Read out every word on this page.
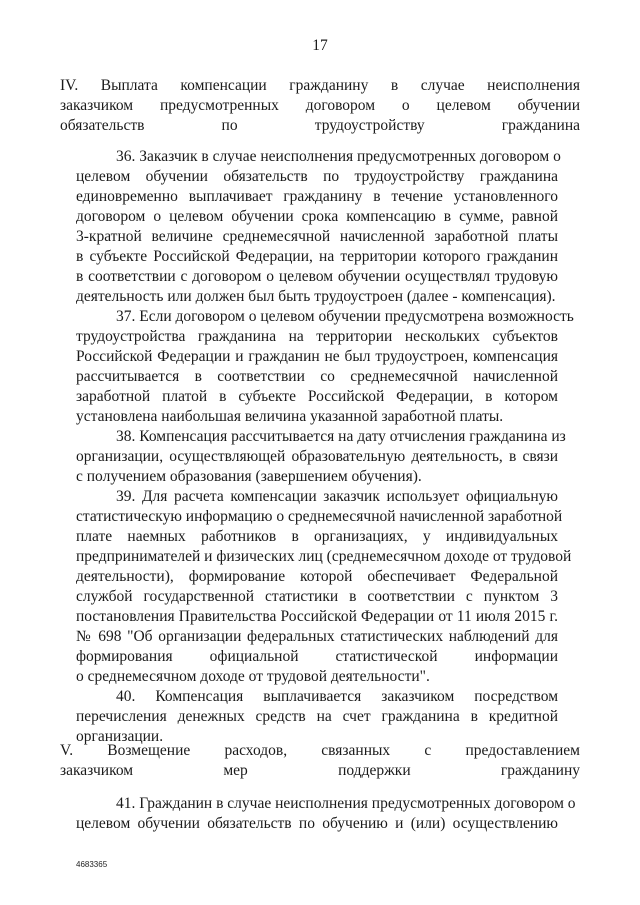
17
IV. Выплата компенсации гражданину в случае неисполнения
заказчиком предусмотренных договором о целевом обучении
обязательств по трудоустройству гражданина

36. Заказчик в случае неисполнения предусмотренных договором о
целевом обучении обязательств по трудоустройству гражданина
единовременно выплачивает гражданину в течение установленного
договором о целевом обучении срока компенсацию в сумме, равной
3-кратной величине среднемесячной начисленной заработной платы
в субъекте Российской Федерации, на территории которого гражданин
в соответствии с договором о целевом обучении осуществлял трудовую
деятельность или должен был быть трудоустроен (далее - компенсация).

37. Если договором о целевом обучении предусмотрена возможность
трудоустройства гражданина на территории нескольких субъектов
Российской Федерации и гражданин не был трудоустроен, компенсация
рассчитывается в соответствии со среднемесячной начисленной
заработной платой в субъекте Российской Федерации, в котором
установлена наибольшая величина указанной заработной платы.

38. Компенсация рассчитывается на дату отчисления гражданина из
организации, осуществляющей образовательную деятельность, в связи
с получением образования (завершением обучения).

39. Для расчета компенсации заказчик использует официальную
статистическую информацию о среднемесячной начисленной заработной
плате наемных работников в организациях, у индивидуальных
предпринимателей и физических лиц (среднемесячном доходе от трудовой
деятельности), формирование которой обеспечивает Федеральной
службой государственной статистики в соответствии с пунктом 3
постановления Правительства Российской Федерации от 11 июля 2015 г.
№ 698 "Об организации федеральных статистических наблюдений для
формирования официальной статистической информации
о среднемесячном доходе от трудовой деятельности".

40. Компенсация выплачивается заказчиком посредством
перечисления денежных средств на счет гражданина в кредитной
организации.

V. Возмещение расходов, связанных с предоставлением
заказчиком мер поддержки гражданину

41. Гражданин в случае неисполнения предусмотренных договором о
целевом обучении обязательств по обучению и (или) осуществлению

4683365
